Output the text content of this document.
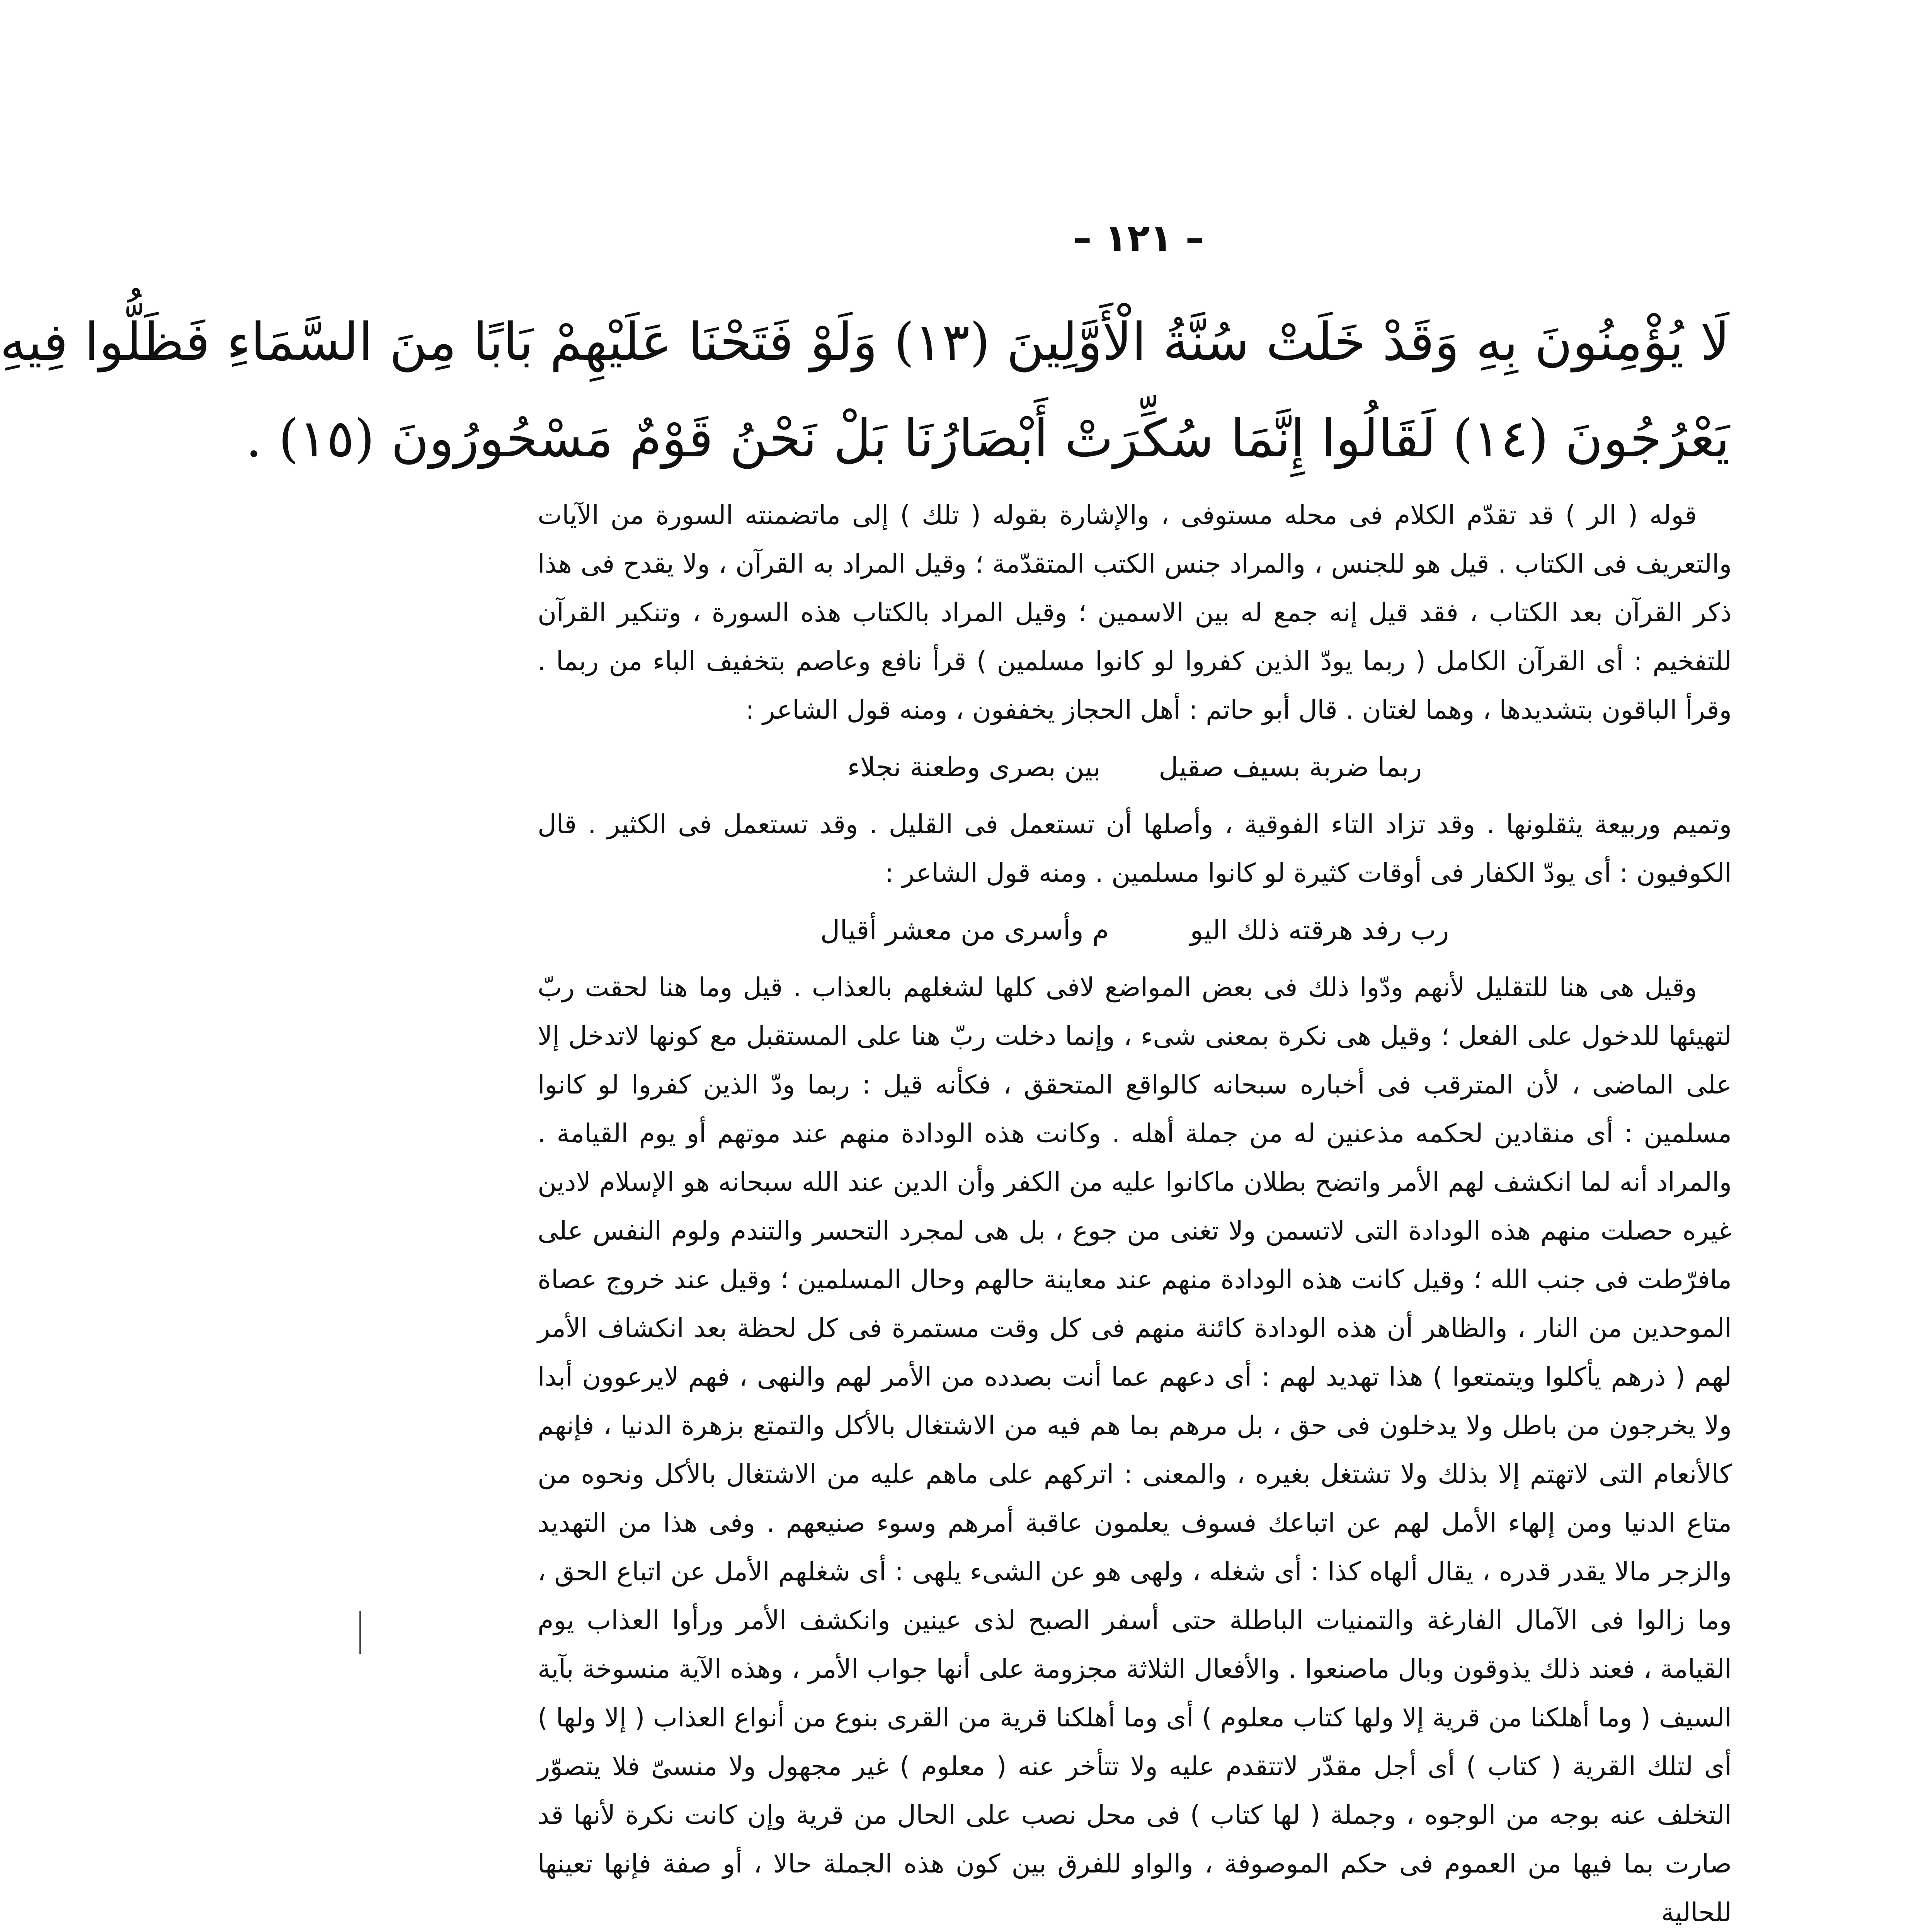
– ١٢١ –
لَا يُؤْمِنُونَ بِهِ وَقَدْ خَلَتْ سُنَّةُ الْأَوَّلِينَ (١٣) وَلَوْ فَتَحْنَا عَلَيْهِمْ بَابًا مِنَ السَّمَاءِ فَظَلُّوا فِيهِ
يَعْرُجُونَ (١٤) لَقَالُوا إِنَّمَا سُكِّرَتْ أَبْصَارُنَا بَلْ نَحْنُ قَوْمٌ مَسْحُورُونَ (١٥) .

قوله ( الر ) قد تقدّم الكلام فى محله مستوفى ، والإشارة بقوله ( تلك ) إلى ماتضمنته السورة من الآيات والتعريف فى الكتاب . قيل هو للجنس ، والمراد جنس الكتب المتقدّمة ؛ وقيل المراد به القرآن ، ولا يقدح فى هذا ذكر القرآن بعد الكتاب ، فقد قيل إنه جمع له بين الاسمين ؛ وقيل المراد بالكتاب هذه السورة ، وتنكير القرآن للتفخيم : أى القرآن الكامل ( ربما يودّ الذين كفروا لو كانوا مسلمين ) قرأ نافع وعاصم بتخفيف الباء من ربما . وقرأ الباقون بتشديدها ، وهما لغتان . قال أبو حاتم : أهل الحجاز يخففون ، ومنه قول الشاعر :

ربما ضربة بسيف صقيل
بين بصرى وطعنة نجلاء

وتميم وربيعة يثقلونها . وقد تزاد التاء الفوقية ، وأصلها أن تستعمل فى القليل . وقد تستعمل فى الكثير . قال الكوفيون : أى يودّ الكفار فى أوقات كثيرة لو كانوا مسلمين . ومنه قول الشاعر :

رب رفد هرقته ذلك اليو
م وأسرى من معشر أقيال

وقيل هى هنا للتقليل لأنهم ودّوا ذلك فى بعض المواضع لافى كلها لشغلهم بالعذاب . قيل وما هنا لحقت ربّ لتهيئها للدخول على الفعل ؛ وقيل هى نكرة بمعنى شىء ، وإنما دخلت ربّ هنا على المستقبل مع كونها لاتدخل إلا على الماضى ، لأن المترقب فى أخباره سبحانه كالواقع المتحقق ، فكأنه قيل : ربما ودّ الذين كفروا لو كانوا مسلمين : أى منقادين لحكمه مذعنين له من جملة أهله . وكانت هذه الودادة منهم عند موتهم أو يوم القيامة . والمراد أنه لما انكشف لهم الأمر واتضح بطلان ماكانوا عليه من الكفر وأن الدين عند الله سبحانه هو الإسلام لادين غيره حصلت منهم هذه الودادة التى لاتسمن ولا تغنى من جوع ، بل هى لمجرد التحسر والتندم ولوم النفس على مافرّطت فى جنب الله ؛ وقيل كانت هذه الودادة منهم عند معاينة حالهم وحال المسلمين ؛ وقيل عند خروج عصاة الموحدين من النار ، والظاهر أن هذه الودادة كائنة منهم فى كل وقت مستمرة فى كل لحظة بعد انكشاف الأمر لهم ( ذرهم يأكلوا ويتمتعوا ) هذا تهديد لهم : أى دعهم عما أنت بصدده من الأمر لهم والنهى ، فهم لايرعوون أبدا ولا يخرجون من باطل ولا يدخلون فى حق ، بل مرهم بما هم فيه من الاشتغال بالأكل والتمتع بزهرة الدنيا ، فإنهم كالأنعام التى لاتهتم إلا بذلك ولا تشتغل بغيره ، والمعنى : اتركهم على ماهم عليه من الاشتغال بالأكل ونحوه من متاع الدنيا ومن إلهاء الأمل لهم عن اتباعك فسوف يعلمون عاقبة أمرهم وسوء صنيعهم . وفى هذا من التهديد والزجر مالا يقدر قدره ، يقال ألهاه كذا : أى شغله ، ولهى هو عن الشىء يلهى : أى شغلهم الأمل عن اتباع الحق ، وما زالوا فى الآمال الفارغة والتمنيات الباطلة حتى أسفر الصبح لذى عينين وانكشف الأمر ورأوا العذاب يوم القيامة ، فعند ذلك يذوقون وبال ماصنعوا . والأفعال الثلاثة مجزومة على أنها جواب الأمر ، وهذه الآية منسوخة بآية السيف ( وما أهلكنا من قرية إلا ولها كتاب معلوم ) أى وما أهلكنا قرية من القرى بنوع من أنواع العذاب ( إلا ولها ) أى لتلك القرية ( كتاب ) أى أجل مقدّر لاتتقدم عليه ولا تتأخر عنه ( معلوم ) غير مجهول ولا منسىّ فلا يتصوّر التخلف عنه بوجه من الوجوه ، وجملة ( لها كتاب ) فى محل نصب على الحال من قرية وإن كانت نكرة لأنها قد صارت بما فيها من العموم فى حكم الموصوفة ، والواو للفرق بين كون هذه الجملة حالا ، أو صفة فإنها تعينها للحالية
